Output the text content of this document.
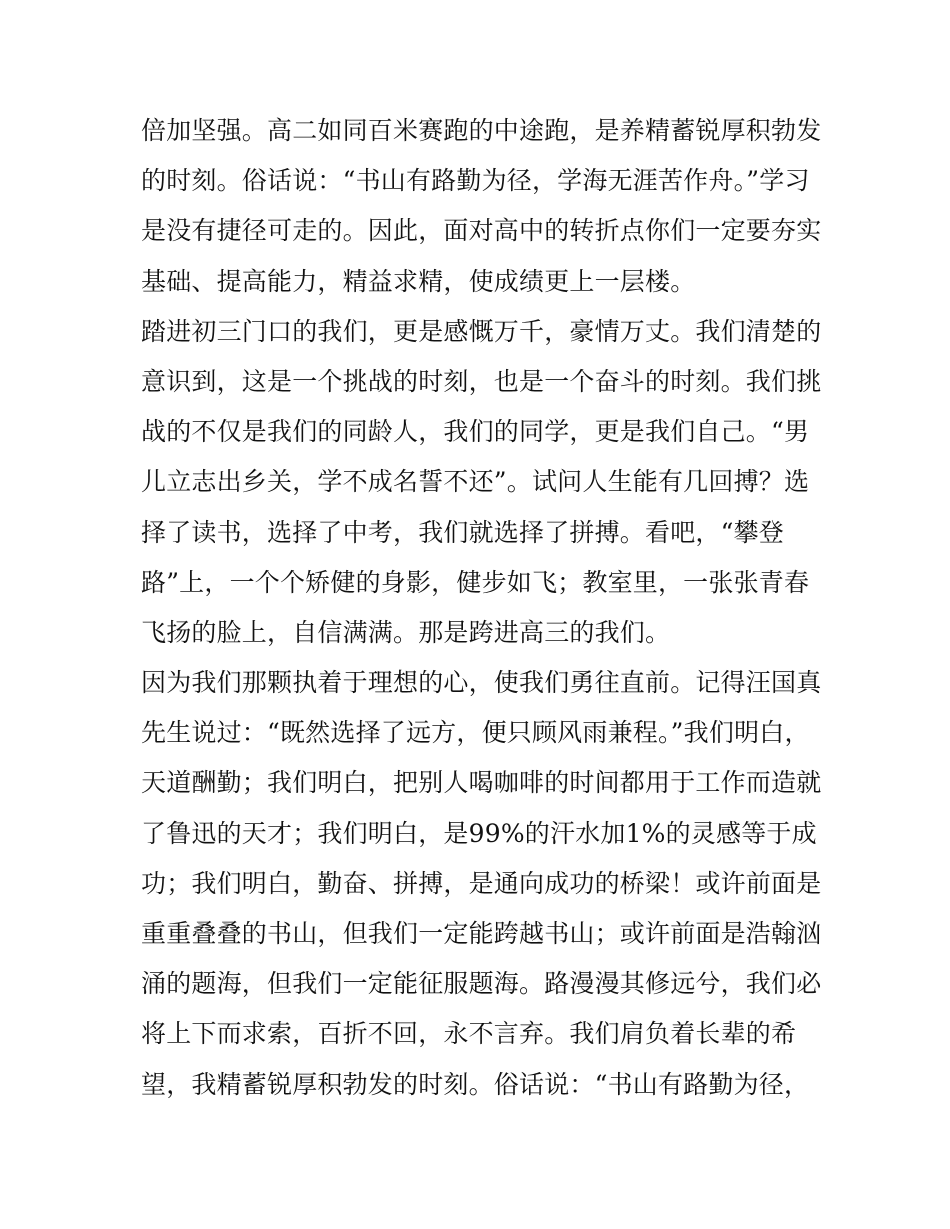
倍加坚强。高二如同百米赛跑的中途跑，是养精蓄锐厚积勃发
的时刻。俗话说：“书山有路勤为径，学海无涯苦作舟。”学习
是没有捷径可走的。因此，面对高中的转折点你们一定要夯实
基础、提高能力，精益求精，使成绩更上一层楼。
踏进初三门口的我们，更是感慨万千，豪情万丈。我们清楚的
意识到，这是一个挑战的时刻，也是一个奋斗的时刻。我们挑
战的不仅是我们的同龄人，我们的同学，更是我们自己。“男
儿立志出乡关，学不成名誓不还”。试问人生能有几回搏？选
择了读书，选择了中考，我们就选择了拼搏。看吧，“攀登
路”上，一个个矫健的身影，健步如飞；教室里，一张张青春
飞扬的脸上，自信满满。那是跨进高三的我们。
因为我们那颗执着于理想的心，使我们勇往直前。记得汪国真
先生说过：“既然选择了远方，便只顾风雨兼程。”我们明白，
天道酬勤；我们明白，把别人喝咖啡的时间都用于工作而造就
了鲁迅的天才；我们明白，是99%的汗水加1%的灵感等于成
功；我们明白，勤奋、拼搏，是通向成功的桥梁！或许前面是
重重叠叠的书山，但我们一定能跨越书山；或许前面是浩翰汹
涌的题海，但我们一定能征服题海。路漫漫其修远兮，我们必
将上下而求索，百折不回，永不言弃。我们肩负着长辈的希
望，我精蓄锐厚积勃发的时刻。俗话说：“书山有路勤为径，
